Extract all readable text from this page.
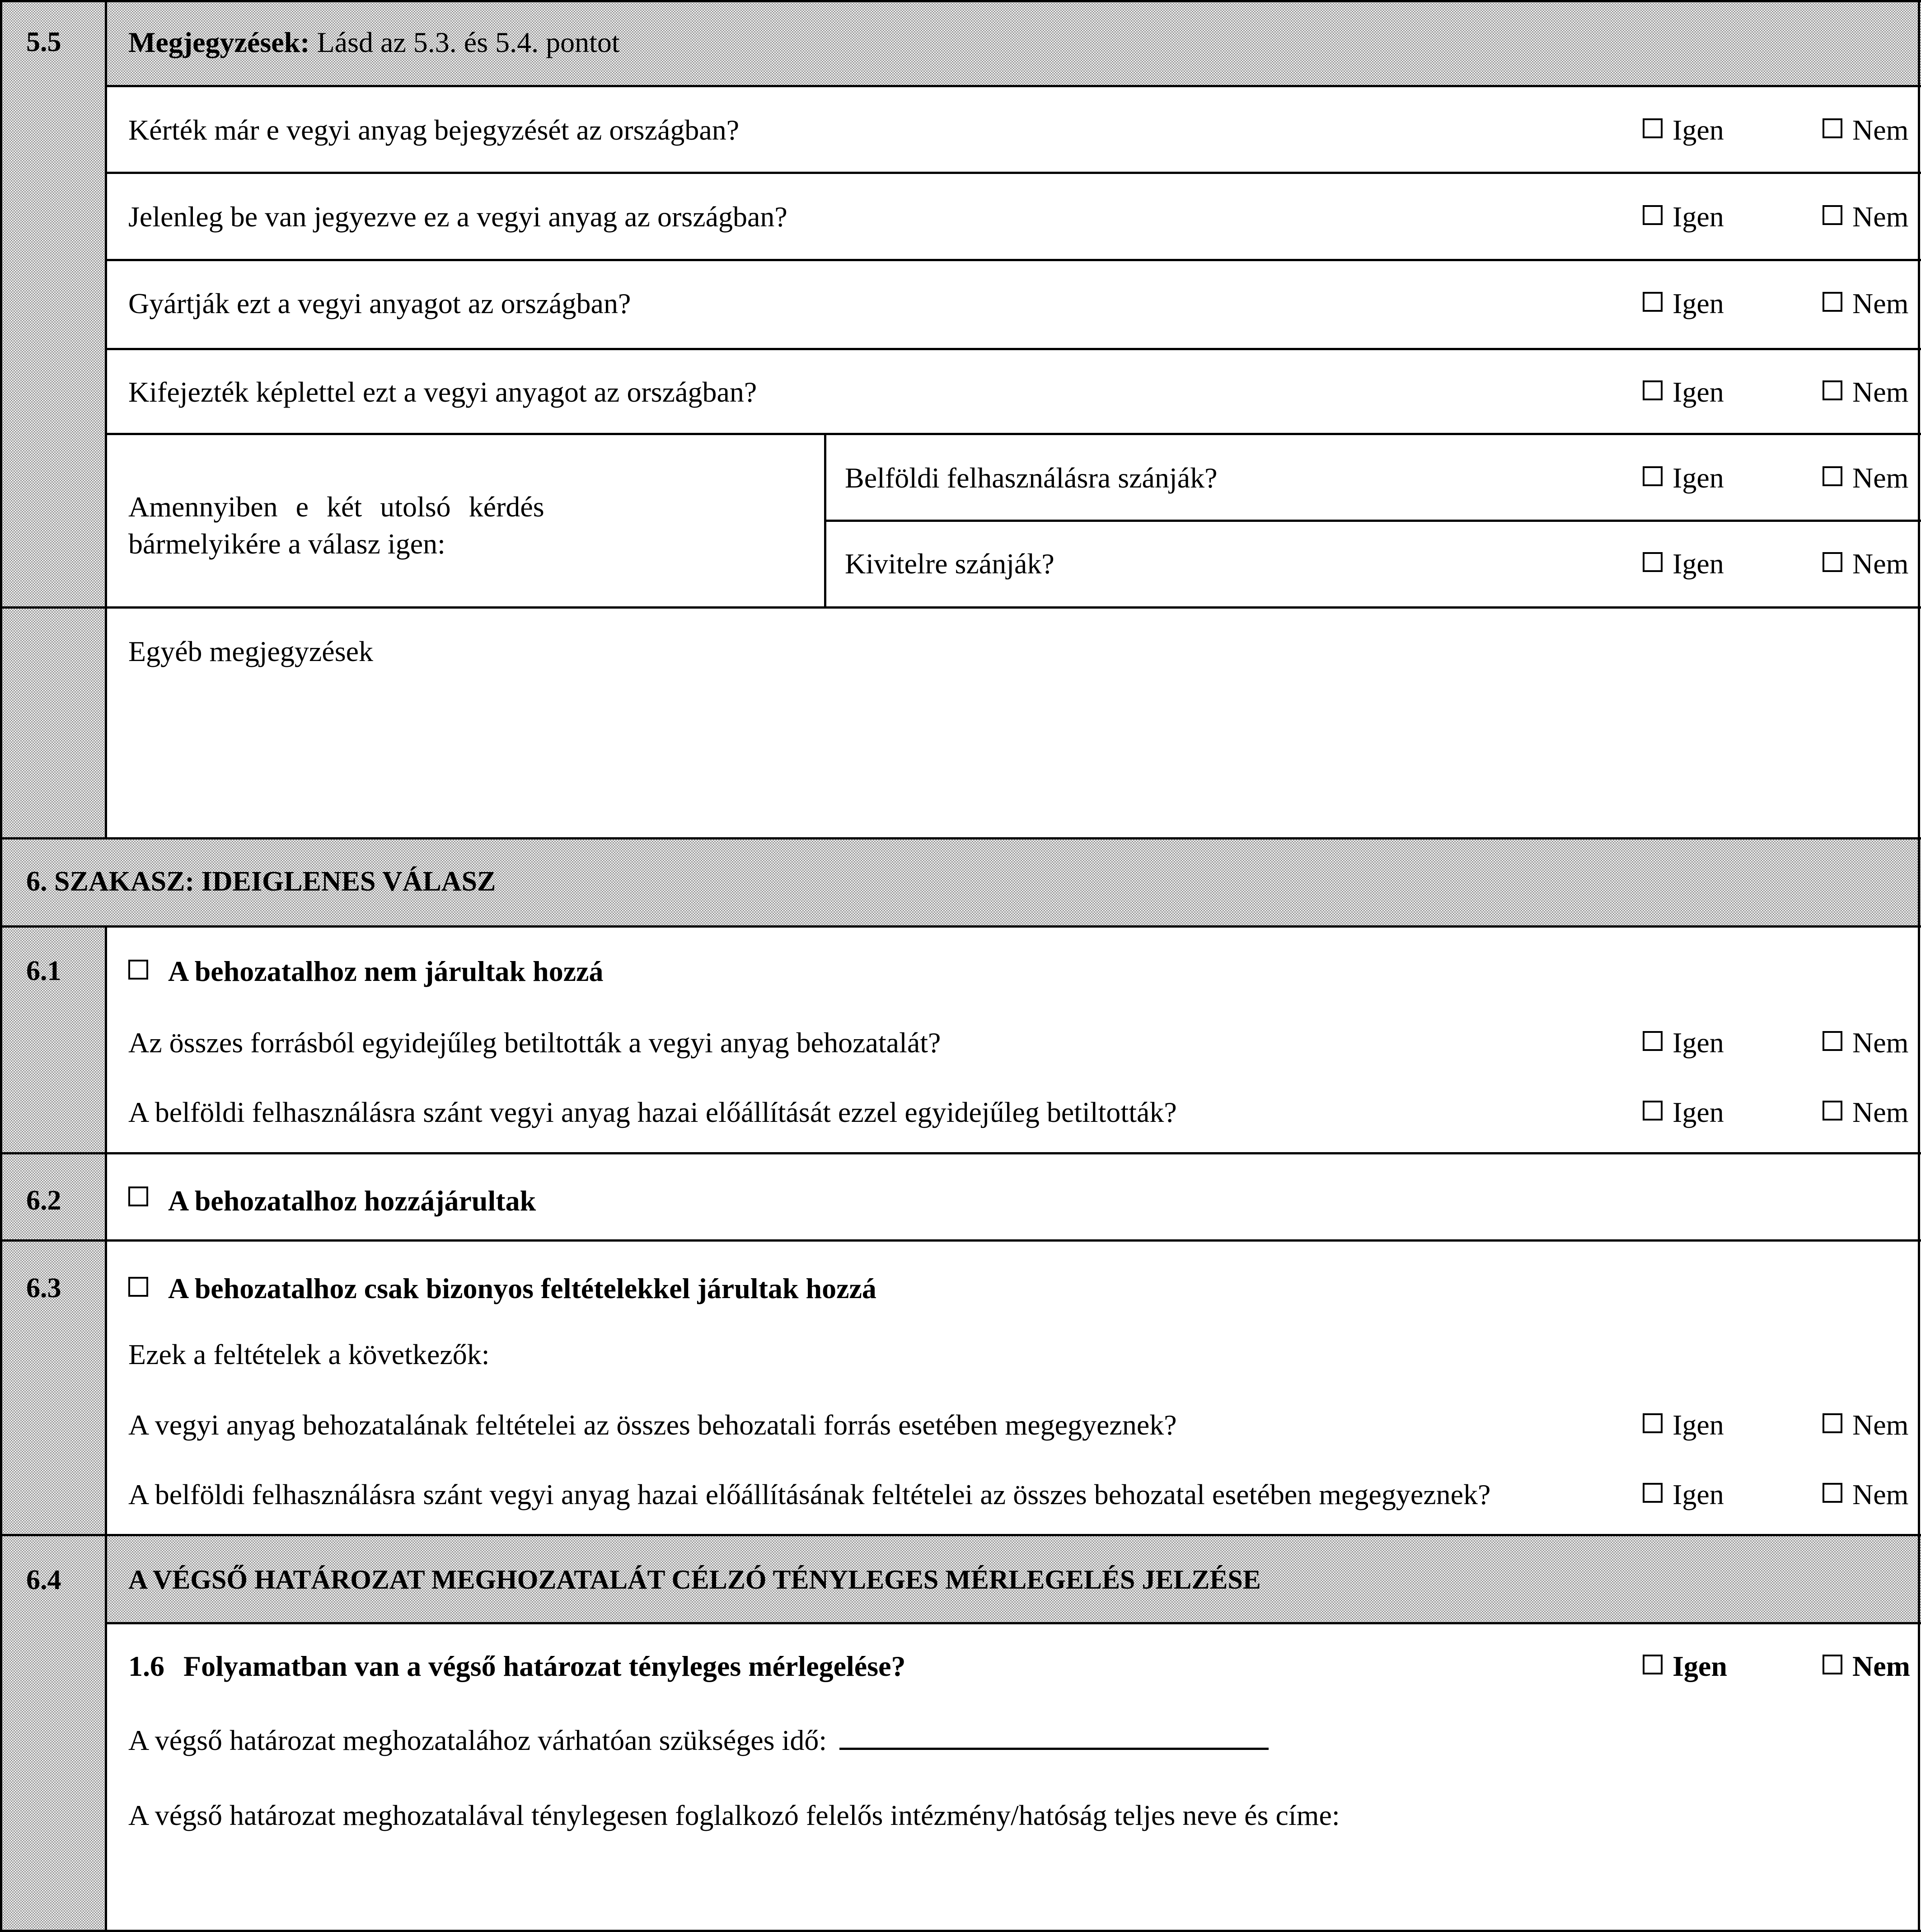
5.5 Megjegyzések: Lásd az 5.3. és 5.4. pontot
Kérték már e vegyi anyag bejegyzését az országban?	Igen	Nem
Jelenleg be van jegyezve ez a vegyi anyag az országban?	Igen	Nem
Gyártják ezt a vegyi anyagot az országban?	Igen	Nem
Kifejezték képlettel ezt a vegyi anyagot az országban?	Igen	Nem
Amennyiben e két utolsó kérdés
bármelyikére a válasz igen:
Belföldi felhasználásra szánják?	Igen	Nem
Kivitelre szánják?	Igen	Nem
Egyéb megjegyzések
6. SZAKASZ: IDEIGLENES VÁLASZ
6.1	A behozatalhoz nem járultak hozzá
Az összes forrásból egyidejűleg betiltották a vegyi anyag behozatalát?	Igen	Nem
A belföldi felhasználásra szánt vegyi anyag hazai előállítását ezzel egyidejűleg betiltották?	Igen	Nem
6.2	A behozatalhoz hozzájárultak
6.3	A behozatalhoz csak bizonyos feltételekkel járultak hozzá
Ezek a feltételek a következők:
A vegyi anyag behozatalának feltételei az összes behozatali forrás esetében megegyeznek?	Igen	Nem
A belföldi felhasználásra szánt vegyi anyag hazai előállításának feltételei az összes behozatal esetében megegyeznek?	Igen	Nem
6.4 A VÉGSŐ HATÁROZAT MEGHOZATALÁT CÉLZÓ TÉNYLEGES MÉRLEGELÉS JELZÉSE
1.6 Folyamatban van a végső határozat tényleges mérlegelése?	Igen	Nem
A végső határozat meghozatalához várhatóan szükséges idő:
A végső határozat meghozatalával ténylegesen foglalkozó felelős intézmény/hatóság teljes neve és címe:
